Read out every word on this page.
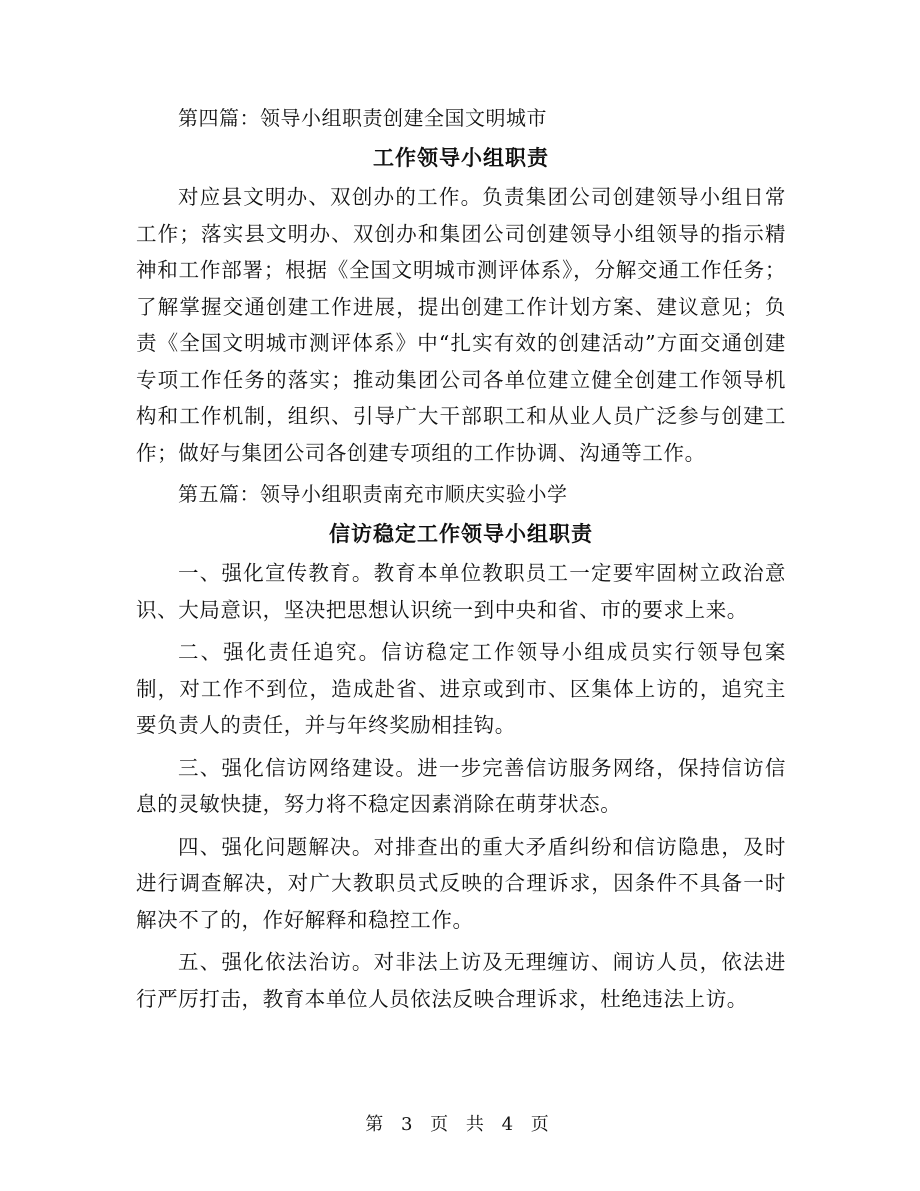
第四篇：领导小组职责创建全国文明城市

工作领导小组职责

对应县文明办、双创办的工作。负责集团公司创建领导小组日常工作；落实县文明办、双创办和集团公司创建领导小组领导的指示精神和工作部署；根据《全国文明城市测评体系》，分解交通工作任务；了解掌握交通创建工作进展，提出创建工作计划方案、建议意见；负责《全国文明城市测评体系》中“扎实有效的创建活动”方面交通创建专项工作任务的落实；推动集团公司各单位建立健全创建工作领导机构和工作机制，组织、引导广大干部职工和从业人员广泛参与创建工作；做好与集团公司各创建专项组的工作协调、沟通等工作。

第五篇：领导小组职责南充市顺庆实验小学

信访稳定工作领导小组职责

一、强化宣传教育。教育本单位教职员工一定要牢固树立政治意识、大局意识，坚决把思想认识统一到中央和省、市的要求上来。

二、强化责任追究。信访稳定工作领导小组成员实行领导包案制，对工作不到位，造成赴省、进京或到市、区集体上访的，追究主要负责人的责任，并与年终奖励相挂钩。

三、强化信访网络建设。进一步完善信访服务网络，保持信访信息的灵敏快捷，努力将不稳定因素消除在萌芽状态。

四、强化问题解决。对排查出的重大矛盾纠纷和信访隐患，及时进行调查解决，对广大教职员式反映的合理诉求，因条件不具备一时解决不了的，作好解释和稳控工作。

五、强化依法治访。对非法上访及无理缠访、闹访人员，依法进行严厉打击，教育本单位人员依法反映合理诉求，杜绝违法上访。

第 3 页 共 4 页
